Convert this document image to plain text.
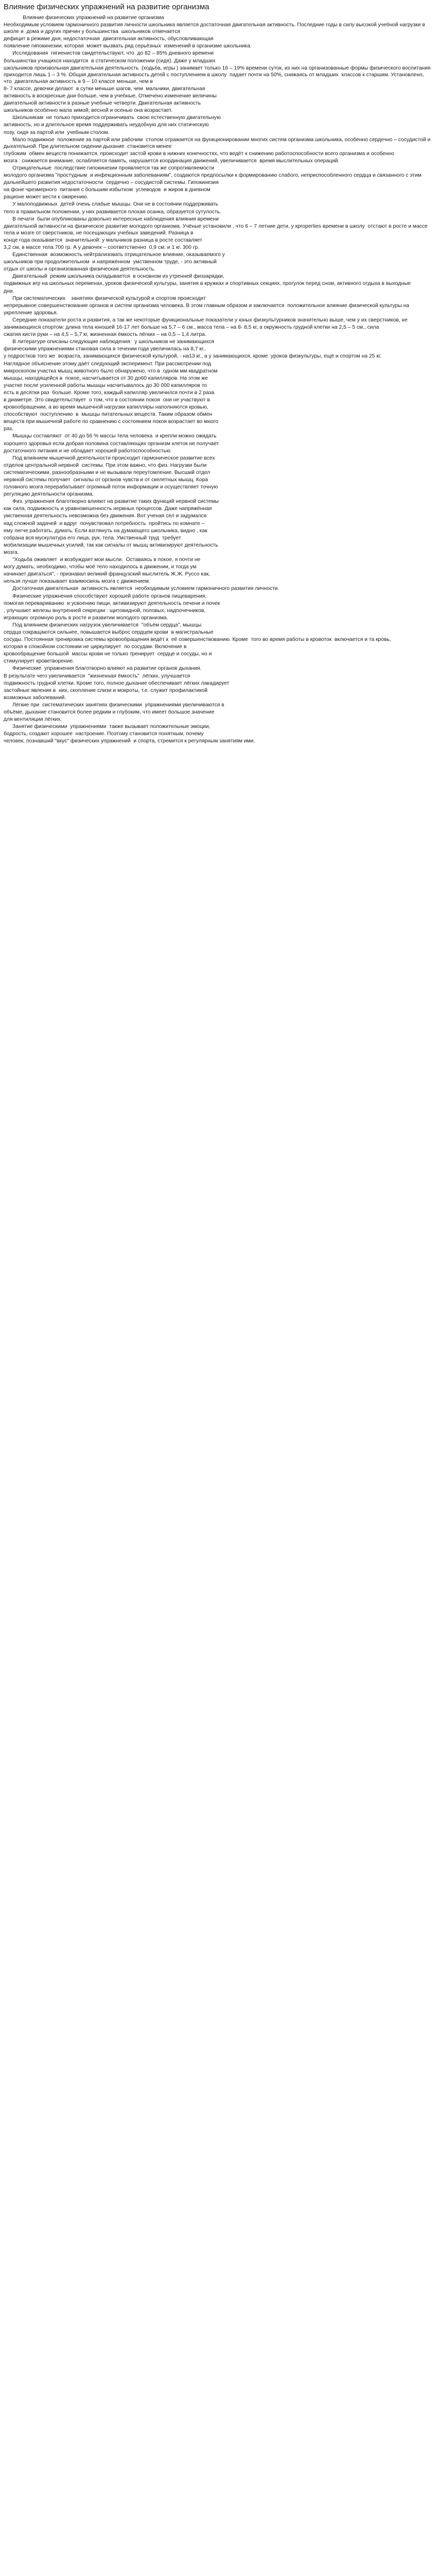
Влияние физических упражнений на развитие организма
Влияние физических упражнений на развитие организма
Необходимым условием гармоничного развития личности школьника является достаточная двигательная активность. Последние годы в силу высокой учебной нагрузки в школе и  дома и других причин у большинства  школьников отмечается
дефицит в режиме дня, недостаточная  двигательная активность, обусловливающая
появление гипокинезии, которая  может вызвать ряд серьёзных  изменений в организме школьника.
Исследования  гигиенистов свидетельствуют, что  до 82 – 85% дневного времени
большинства учащихся находится  в статическом положении (сидя). Даже у младших
школьников произвольная двигательная деятельность  (ходьба, игры ) занимает только 16 – 19% времени суток, из них на организованные формы физического воспитания приходится лишь 1 – 3 %. Общая двигательная активность детей с поступлением в школу  падает почти на 50%, снижаясь от младших  классов к старшим. Установлено,  что  двигательная активность в 9 – 10 классе меньше, чем в
8- 7 классе, девочки делают  в сутки меньше шагов, чем  мальчики, двигательная
активность в воскресные дни больше, чем в учебные. Отмечено изменение величины
двигательной активности в разные учебные четверти. Двигательная активность
школьников особенно мала зимой; весной и осенью она возрастает.
Школьникам  не только приходится ограничивать  свою естественную двигательную
активность, но и длительное время поддерживать неудобную для них статическую
позу, сидя за партой или  учебным столом.
Мало подвижное  положение за партой или рабочим  столом отражается на функционировании многих систем организма школьника, особенно сердечно – сосудистой и дыхательной. При длительном сидении дыхание  становится менее
глубоким  обмен веществ понижается, происходит застой крови в нижних конечностях, что ведёт к снижению работоспособности всего организма и особенно
мозга : снижается внимание, ослабляется память, нарушается координация движений, увеличивается  время мыслительных операций.
Отрицательные  последствие гипокинезии проявляется так же сопротивляемости
молодого организма "простудным  и инфекционным заболеваниям", создаются предпосылки к формированию слабого, неприспособленного сердца и связанного с этим
дальнейшего развития недостаточности  сердечно – сосудистой системы. Гипокинезия
на фоне чрезмерного  питания с большим избытком  углеводов  и жиров в дневном
рационе может вести к ожирению.
У малоподвижных  детей очень слабые мышцы. Они не в состоянии поддерживать
тело в правильном положении, у них развивается плохая осанка, образуется сутулость.
В печати  были опубликованы довольно интересные наблюдения влияния времени
двигательной активности на физическое развитие молодого организма. Учёные установили , что 6 – 7 летние дети, у кproperties времени в школу  отстают в росте и массе тела и мозге от сверстников, не посещающих учебных заведений. Разница в
конце года оказывается  значительной: у мальчиков разница в росте составляет
3,2 см, в массе тела 700 гр. А у девочек – соответственно  0,9 см. и 1 кг. 300 гр.
Единственная  возможность нейтрализовать отрицательное влияние, оказываемого у
школьников при продолжительном  и напряжённом  умственном труде, - это активный
отдых от школы и организованная физическая деятельность.
Двигательный  режим школьника складывается  в основном из утренней физзарядки,
подвижных игр на школьных переменах, уроков физической культуры, занятия в кружках и спортивных секциях, прогулок перед сном, активного отдыха в выходные
дни.
При систематических    занятиях физической культурой и спортом происходит
непрерывное совершенствование органов и систем организма человека. В этом главным образом и заключается  положительное влияние физической культуры на
укрепление здоровья.
Середние показатели роста и развития, а так же некоторые функциональные показатели у юных физкультурников значительно выше, чем у их сверстников, не
занимающихся спортом: длина тела юношей 16-17 лет больше на 5,7 – 6 см., масса тела – на 8- 8,5 кг, а окружность грудной клетки на 2,5 – 5 см., сила
сжатия кисти руки – на 4,5 – 5,7 кг, жизненная ёмкость лёгких – на 0,5 – 1,4 литра.
В литературе описаны следующие наблюдения:  у школьников не занимающихся
физическими упражнениями становая сила в течении года увеличилась на 8,7 кг.,
у подростков того же  возраста, занимающихся физической культурой, - на13 кг., а у занимающихся, кроме  уроков физкультуры, ещё и спортом на 25 кг.
Наглядное объяснение этому даёт следующий эксперимент. При рассмотрении под
микроскопом участка мышц животного было обнаружено, что в  одном мм квадратном
мышцы, находящейся в  покое, насчитывается от 30 до60 капилляров. На этом же
участке после усиленной работы мышцы насчитывалось до 30 000 капилляров то
есть в десятки раз  больше. Кроме того, каждый капилляр увеличился почти в 2 раза
в диаметре. Это свидетельствует  о том, что в состоянии покоя  они не участвуют в
кровообращении, а во время мышечной нагрузки капилляры наполняются кровью,
способствуют  поступлению  в  мышцы питательных веществ. Таким образом обмен
веществ при мышечной работе по сравнению с состоянием покоя возрастает во много
раз.
Мышцы составляют  от 40 до 56 % массы тела человека  и крепли можно ожидать
хорошего здоровья если добрая половина составляющих организм клеток не получает
достаточного питания и не обладает хорошей работоспособностью.
Под влиянием мышечной деятельности происходит гармоническое развитие всех
отделов центральной нервной  системы. При этом важно, что физ. Нагрузки были
систематическими, разнообразными и не вызывали переутомление. Высший отдел
нервной системы получает  сигналы от органов чувств и от скелетных мышц. Кора
головного мозга перерабатывает огромный поток информации и осуществляет точную
регуляцию деятельности организма.
Физ. упражнения благотворно влияют на развитие таких функций нервной системы
как сила, подвижность и уравновешенность нервных процессов. Даже напряжённая
умственная деятельность невозможна без движения. Вот ученая сел и задумался
над сложной задачей  и вдруг  почувствовал потребность  пройтись по комнате –
ему легче работать, думать. Если взглянуть на думающего школьника, видно , как
собрана вся мускулатура его лица, рук, тела. Умственный труд  требует
мобилизации мышечных усилий, так как сигналы от мышц активизируют деятельность
мозга.
"Ходьба оживляет  и возбуждает мои мысли.  Оставаясь в покое, я почти не
могу думать; необходимо, чтобы моё тело находилось в движении, и тогда ум
начинает двигаться", - признавал великий французский мыслитель Ж.Ж. Руссо как,
нельзя лучше показывает взаимосвязь мозга с движением.
Достаточная двигательная  активность является  необходимым условием гармоничного развития личности.
Физические упражнения способствуют хорошей работе органов пищеварения,
помогая перевариванию  и усвоению пищи, активизируют деятельность печени и почек
, улучшают железы внутренней секреции : щитовидной, половых, надпочечников,
играющих огромную роль в росте и развитии молодого организма.
Под влиянием физических нагрузок увеличивается  "объём сердца", мышцы
сердца сокращаются сильнее, повышается выброс сердцем крови  в магистральные
сосуды. Постоянная тренировка системы кровообращения ведёт к  её совершенствованию. Кроме  того во время работы в кровоток  включается и та кровь,
которая в спокойном состоянии не циркулирует  по сосудам. Включение в
кровообращение большой  массы крови не только тренирует  сердце и сосуды, но и
стимулирует кроветворение.
Физические  упражнения благотворно влияют на развитие органов дыхания.
В результате чего увеличивается  "жизненная ёмкость"  лёгких, улучшается
подвижность грудной клетки. Кроме того, полное дыхание обеспечивает лёгких лакадирует
застойные явления в  них, скопление слизи и мокроты, т.е. служит профилактикой
возможных заболеваний.
Лёгкие при  систематических занятиях физическими  упражнениями увеличиваются в
объёме, дыхание становится более редким и глубоким, что имеет большое значение
для вентиляции лёгких.
Занятие физическими  упражнениями  также вызывает положительные эмоции,
бодрость, создают хорошее  настроение. Поэтому становится понятным, почему
человек, познавший "вкус" физических упражнений  и спорта, стремится к регулярным занятиям ими.
